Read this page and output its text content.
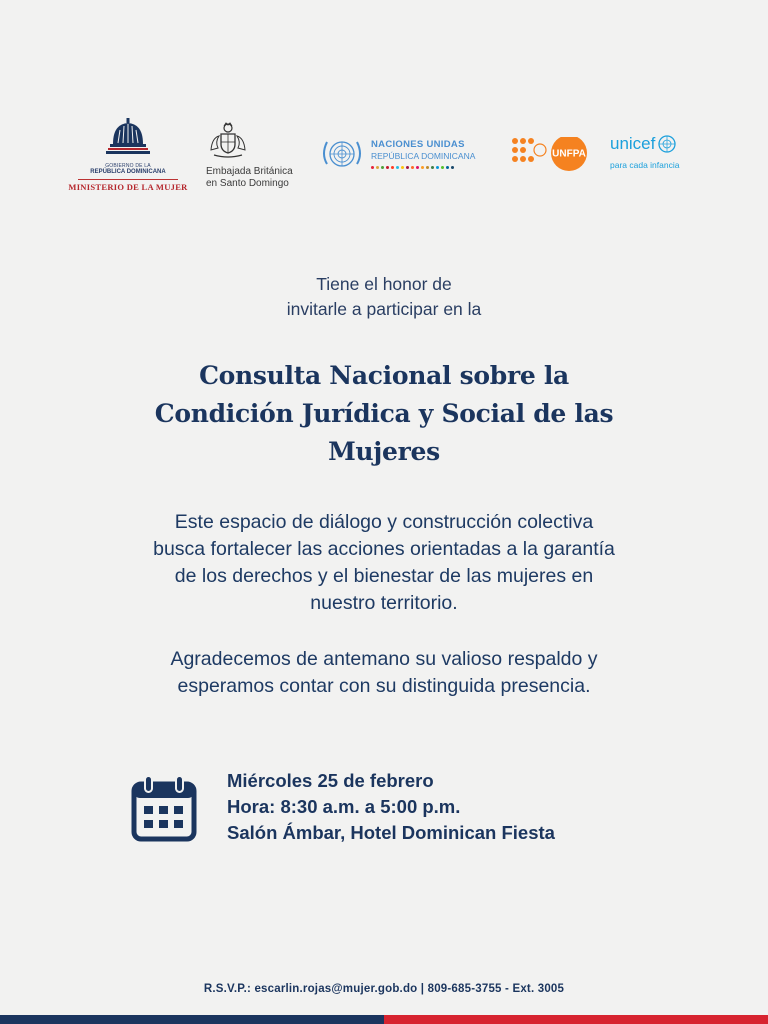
GOBIERNO DE LA
REPÚBLICA DOMINICANA
MINISTERIO DE LA MUJER
Embajada Británica
en Santo Domingo
NACIONES UNIDAS
REPÚBLICA DOMINICANA	UNFPA
unicef
para cada infancia
Tiene el honor de
invitarle a participar en la
Consulta Nacional sobre la
Condición Jurídica y Social de las
Mujeres
Este espacio de diálogo y construcción colectiva
busca fortalecer las acciones orientadas a la garantía
de los derechos y el bienestar de las mujeres en
nuestro territorio.
Agradecemos de antemano su valioso respaldo y
esperamos contar con su distinguida presencia.
Miércoles 25 de febrero
Hora: 8:30 a.m. a 5:00 p.m.
Salón Ámbar, Hotel Dominican Fiesta
R.S.V.P.: escarlin.rojas@mujer.gob.do | 809-685-3755 - Ext. 3005
